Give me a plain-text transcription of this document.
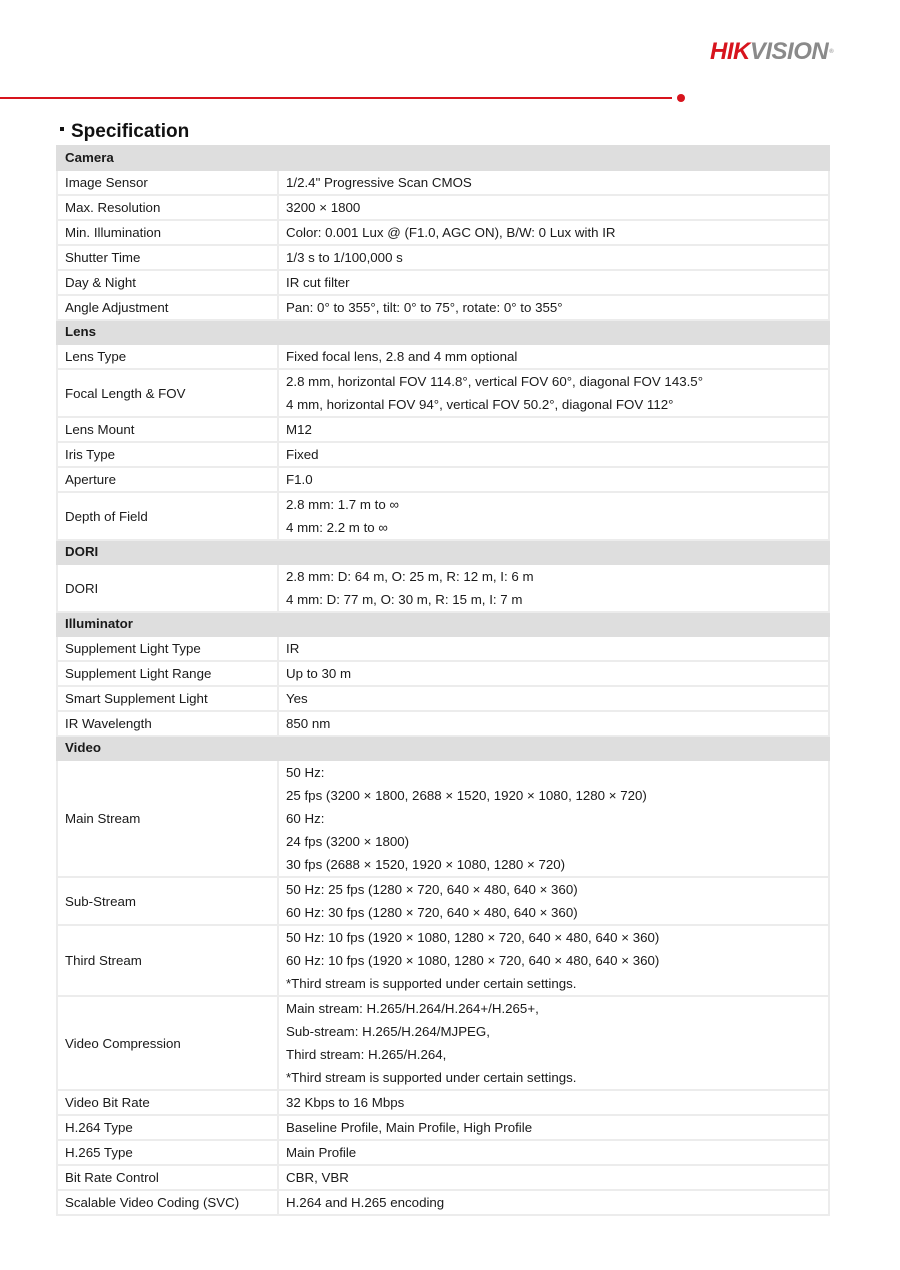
HIKVISION®
Specification
Camera	
Image Sensor	1/2.4" Progressive Scan CMOS

Max. Resolution	3200 × 1800

Min. Illumination	Color: 0.001 Lux @ (F1.0, AGC ON), B/W: 0 Lux with IR

Shutter Time	1/3 s to 1/100,000 s

Day & Night	IR cut filter

Angle Adjustment	Pan: 0° to 355°, tilt: 0° to 75°, rotate: 0° to 355°

Lens	
Lens Type	Fixed focal lens, 2.8 and 4 mm optional

Focal Length & FOV	2.8 mm, horizontal FOV 114.8°, vertical FOV 60°, diagonal FOV 143.5°
4 mm, horizontal FOV 94°, vertical FOV 50.2°, diagonal FOV 112°

Lens Mount	M12

Iris Type	Fixed

Aperture	F1.0

Depth of Field	2.8 mm: 1.7 m to ∞
4 mm: 2.2 m to ∞

DORI	
DORI	2.8 mm: D: 64 m, O: 25 m, R: 12 m, I: 6 m
4 mm: D: 77 m, O: 30 m, R: 15 m, I: 7 m

Illuminator	
Supplement Light Type	IR

Supplement Light Range	Up to 30 m

Smart Supplement Light	Yes

IR Wavelength	850 nm

Video	
Main Stream	50 Hz:
25 fps (3200 × 1800, 2688 × 1520, 1920 × 1080, 1280 × 720)
60 Hz:
24 fps (3200 × 1800)
30 fps (2688 × 1520, 1920 × 1080, 1280 × 720)

Sub-Stream	50 Hz: 25 fps (1280 × 720, 640 × 480, 640 × 360)
60 Hz: 30 fps (1280 × 720, 640 × 480, 640 × 360)

Third Stream	50 Hz: 10 fps (1920 × 1080, 1280 × 720, 640 × 480, 640 × 360)
60 Hz: 10 fps (1920 × 1080, 1280 × 720, 640 × 480, 640 × 360)
*Third stream is supported under certain settings.

Video Compression	Main stream: H.265/H.264/H.264+/H.265+,
Sub-stream: H.265/H.264/MJPEG,
Third stream: H.265/H.264,
*Third stream is supported under certain settings.

Video Bit Rate	32 Kbps to 16 Mbps

H.264 Type	Baseline Profile, Main Profile, High Profile

H.265 Type	Main Profile

Bit Rate Control	CBR, VBR

Scalable Video Coding (SVC)	H.264 and H.265 encoding
